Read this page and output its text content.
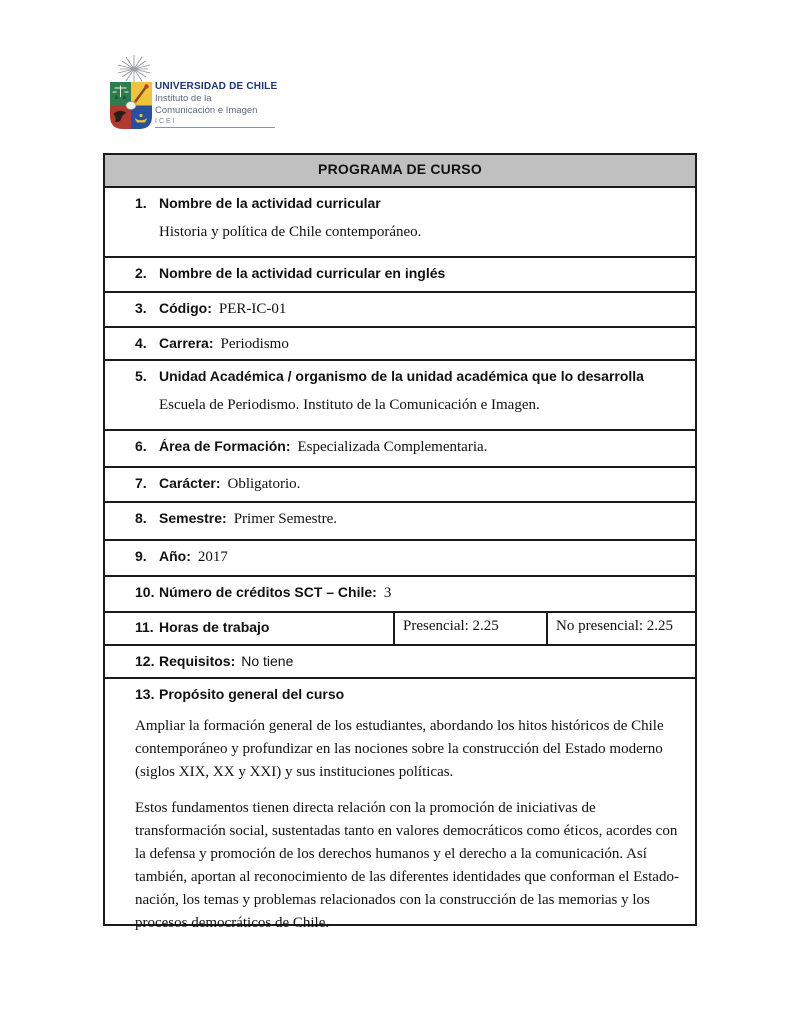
UNIVERSIDAD DE CHILE
Instituto de la
Comunicación e Imagen
ICEI
PROGRAMA DE CURSO
1. Nombre de la actividad curricular
Historia y política de Chile contemporáneo.
2. Nombre de la actividad curricular en inglés
3. Código: PER-IC-01
4. Carrera: Periodismo
5. Unidad Académica / organismo de la unidad académica que lo desarrolla
Escuela de Periodismo. Instituto de la Comunicación e Imagen.
6. Área de Formación: Especializada Complementaria.
7. Carácter: Obligatorio.
8. Semestre: Primer Semestre.
9. Año: 2017
10. Número de créditos SCT – Chile: 3
11. Horas de trabajo	Presencial: 2.25	No presencial: 2.25
12. Requisitos: No tiene
13. Propósito general del curso
Ampliar la formación general de los estudiantes, abordando los hitos históricos de Chile contemporáneo y profundizar en las nociones sobre la construcción del Estado moderno (siglos XIX, XX y XXI) y sus instituciones políticas.
Estos fundamentos tienen directa relación con la promoción de iniciativas de transformación social, sustentadas tanto en valores democráticos como éticos, acordes con la defensa y promoción de los derechos humanos y el derecho a la comunicación. Así también, aportan al reconocimiento de las diferentes identidades que conforman el Estado-nación, los temas y problemas relacionados con la construcción de las memorias y los procesos democráticos de Chile.
